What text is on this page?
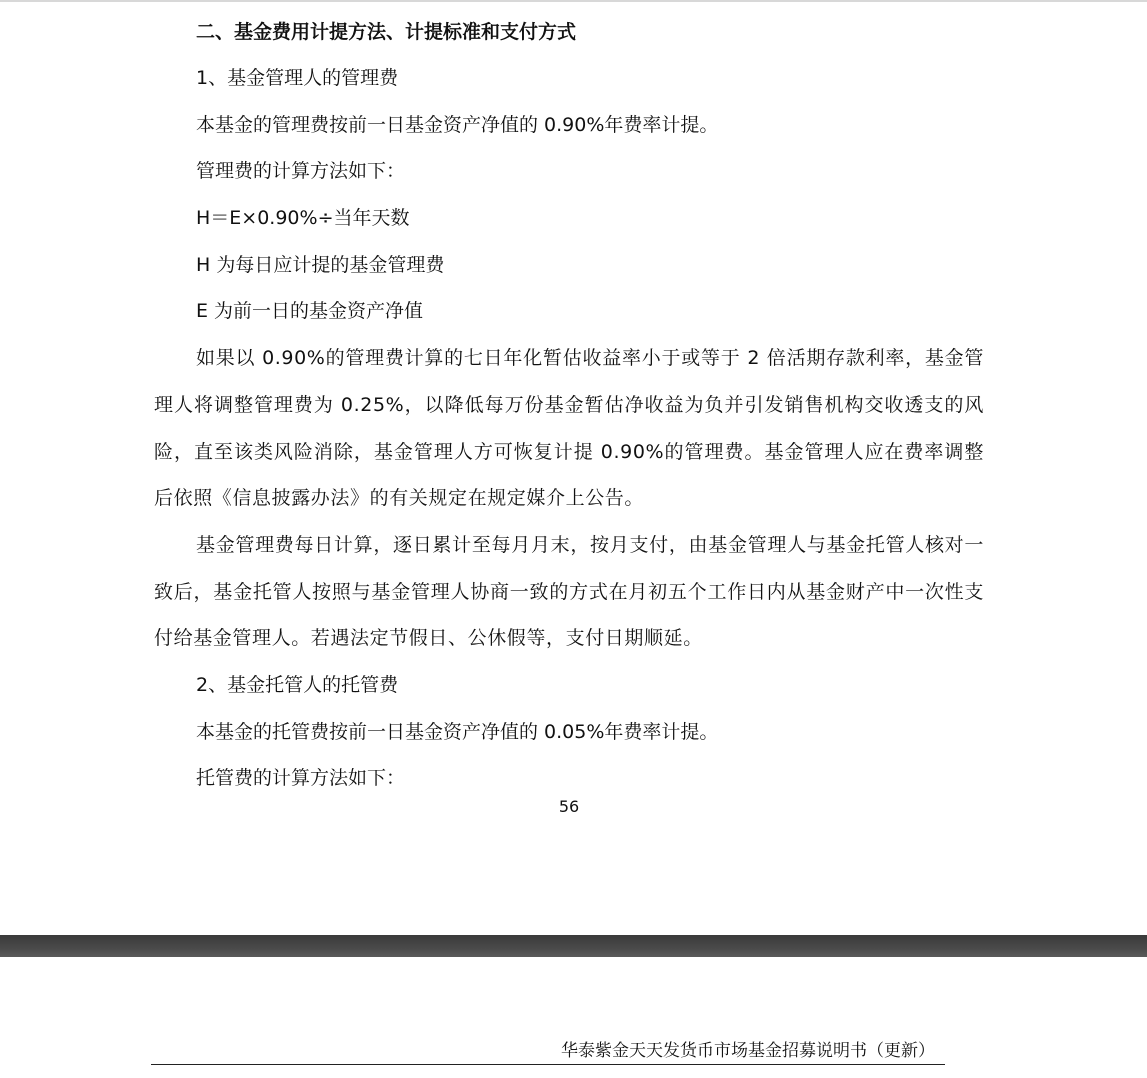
二、基金费用计提方法、计提标准和支付方式
1、基金管理人的管理费
本基金的管理费按前一日基金资产净值的 0.90%年费率计提。
管理费的计算方法如下：
H＝E×0.90%÷当年天数
H 为每日应计提的基金管理费
E 为前一日的基金资产净值
如果以 0.90%的管理费计算的七日年化暂估收益率小于或等于 2 倍活期存款利率，基金管理人将调整管理费为 0.25%，以降低每万份基金暂估净收益为负并引发销售机构交收透支的风险，直至该类风险消除，基金管理人方可恢复计提 0.90%的管理费。基金管理人应在费率调整后依照《信息披露办法》的有关规定在规定媒介上公告。
基金管理费每日计算，逐日累计至每月月末，按月支付，由基金管理人与基金托管人核对一致后，基金托管人按照与基金管理人协商一致的方式在月初五个工作日内从基金财产中一次性支付给基金管理人。若遇法定节假日、公休假等，支付日期顺延。
2、基金托管人的托管费
本基金的托管费按前一日基金资产净值的 0.05%年费率计提。
托管费的计算方法如下：
56
华泰紫金天天发货币市场基金招募说明书（更新）
